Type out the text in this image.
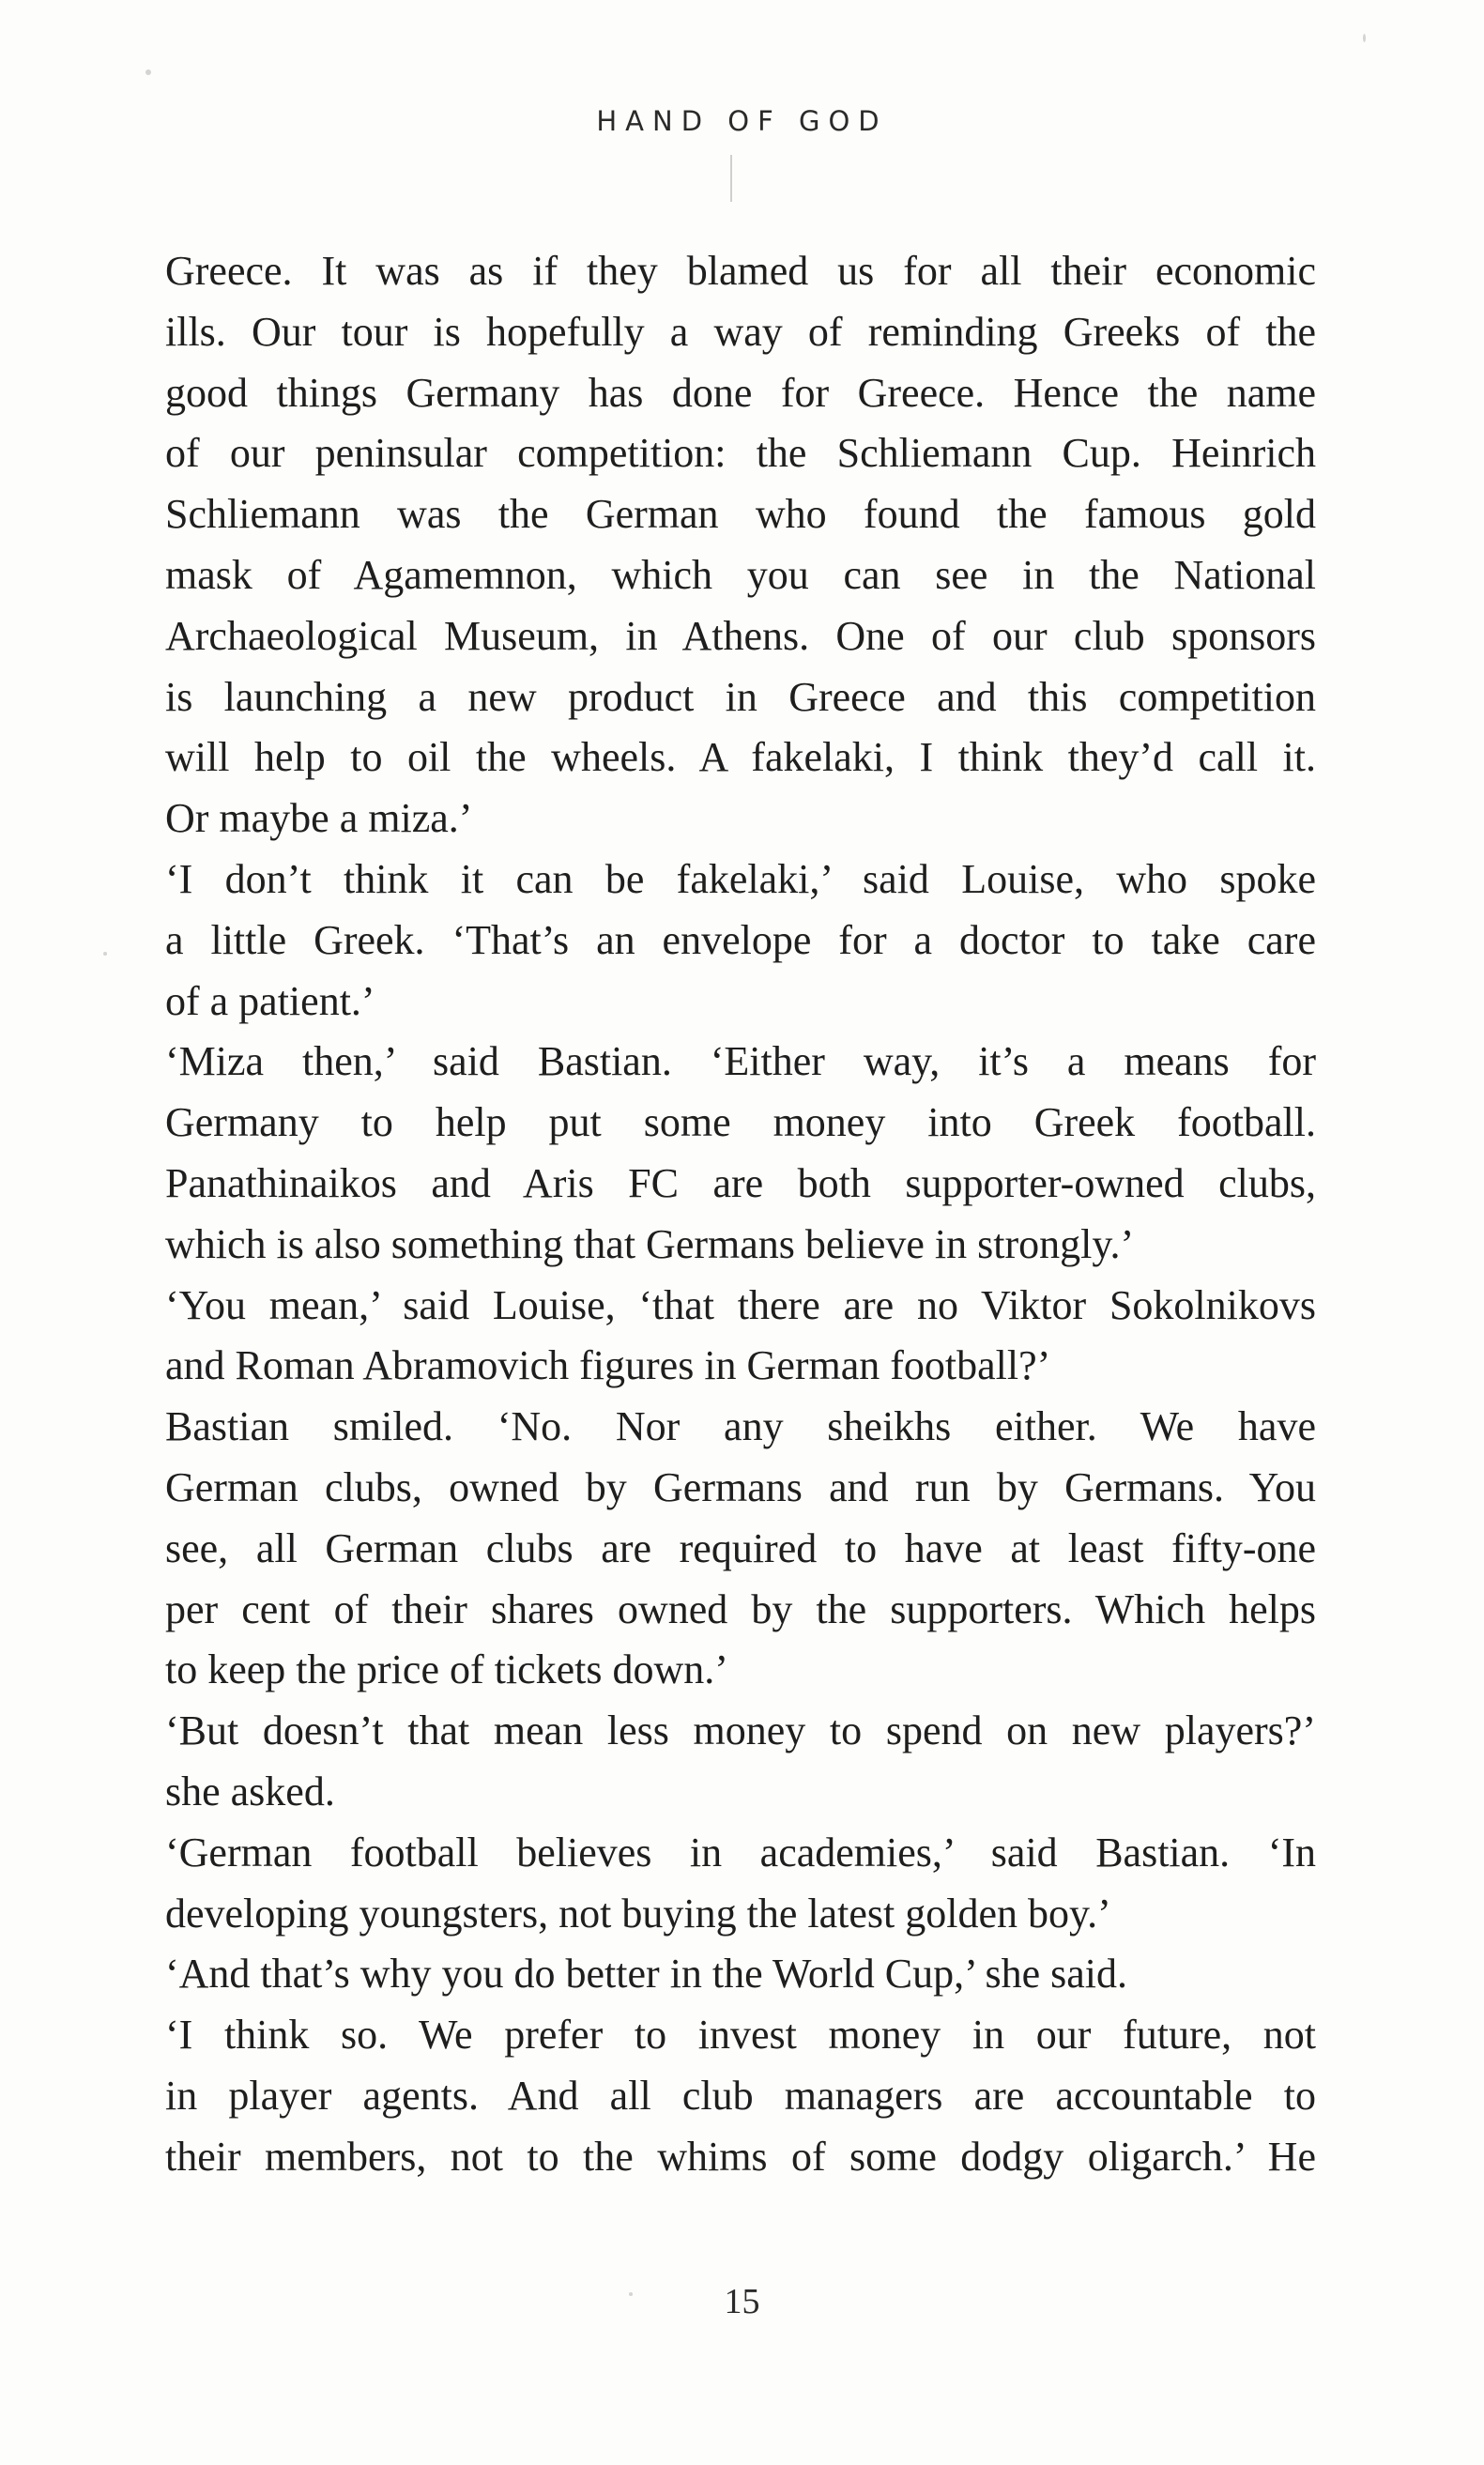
HAND OF GOD

Greece. It was as if they blamed us for all their economic
ills. Our tour is hopefully a way of reminding Greeks of the
good things Germany has done for Greece. Hence the name
of our peninsular competition: the Schliemann Cup. Heinrich
Schliemann was the German who found the famous gold
mask of Agamemnon, which you can see in the National
Archaeological Museum, in Athens. One of our club sponsors
is launching a new product in Greece and this competition
will help to oil the wheels. A fakelaki, I think they’d call it.
Or maybe a miza.’

‘I don’t think it can be fakelaki,’ said Louise, who spoke
a little Greek. ‘That’s an envelope for a doctor to take care
of a patient.’

‘Miza then,’ said Bastian. ‘Either way, it’s a means for
Germany to help put some money into Greek football.
Panathinaikos and Aris FC are both supporter-owned clubs,
which is also something that Germans believe in strongly.’

‘You mean,’ said Louise, ‘that there are no Viktor Sokolnikovs
and Roman Abramovich figures in German football?’

Bastian smiled. ‘No. Nor any sheikhs either. We have
German clubs, owned by Germans and run by Germans. You
see, all German clubs are required to have at least fifty-one
per cent of their shares owned by the supporters. Which helps
to keep the price of tickets down.’

‘But doesn’t that mean less money to spend on new players?’
she asked.

‘German football believes in academies,’ said Bastian. ‘In
developing youngsters, not buying the latest golden boy.’

‘And that’s why you do better in the World Cup,’ she said.

‘I think so. We prefer to invest money in our future, not
in player agents. And all club managers are accountable to
their members, not to the whims of some dodgy oligarch.’ He

15
